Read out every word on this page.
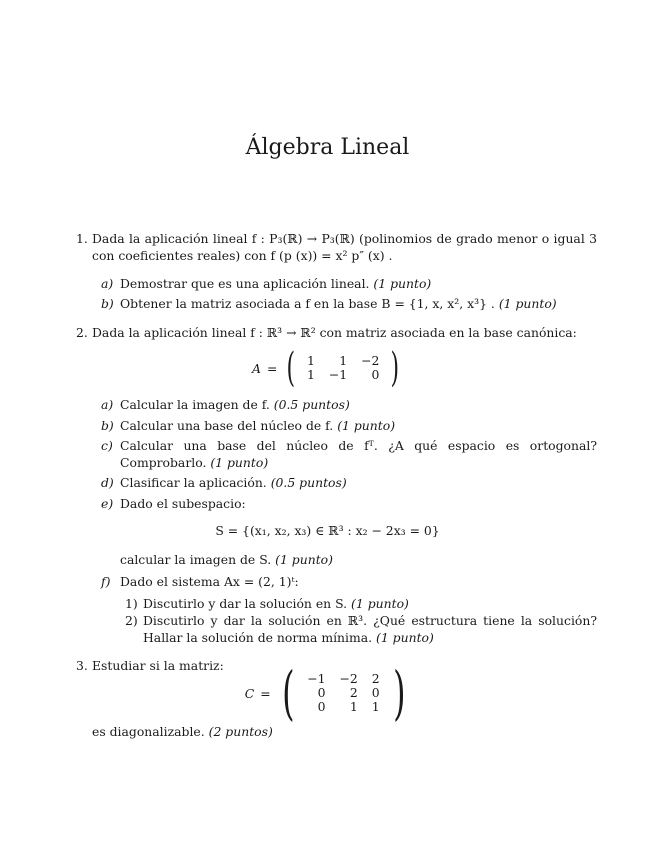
Álgebra Lineal
1. Dada la aplicación lineal f : P₃(ℝ) → P₃(ℝ) (polinomios de grado menor o igual 3 con coeficientes reales) con f (p (x)) = x² p″ (x) .
a) Demostrar que es una aplicación lineal. (1 punto)
b) Obtener la matriz asociada a f en la base B = {1, x, x², x³} . (1 punto)
2. Dada la aplicación lineal f : ℝ³ → ℝ² con matriz asociada en la base canónica:
A = ( 1	1	−2
1	−1	0 )
a) Calcular la imagen de f. (0.5 puntos)
b) Calcular una base del núcleo de f. (1 punto)
c) Calcular una base del núcleo de fᵀ. ¿A qué espacio es ortogonal? Comprobarlo. (1 punto)
d) Clasificar la aplicación. (0.5 puntos)
e) Dado el subespacio:
S = {(x₁, x₂, x₃) ∈ ℝ³ : x₂ − 2x₃ = 0}
calcular la imagen de S. (1 punto)
f) Dado el sistema Ax = (2, 1)ᵗ:
1) Discutirlo y dar la solución en S. (1 punto)
2) Discutirlo y dar la solución en ℝ³. ¿Qué estructura tiene la solución? Hallar la solución de norma mínima. (1 punto)
3. Estudiar si la matriz:
C = ( −1	−2	2
0	2	0
0	1	1 )
es diagonalizable. (2 puntos)
